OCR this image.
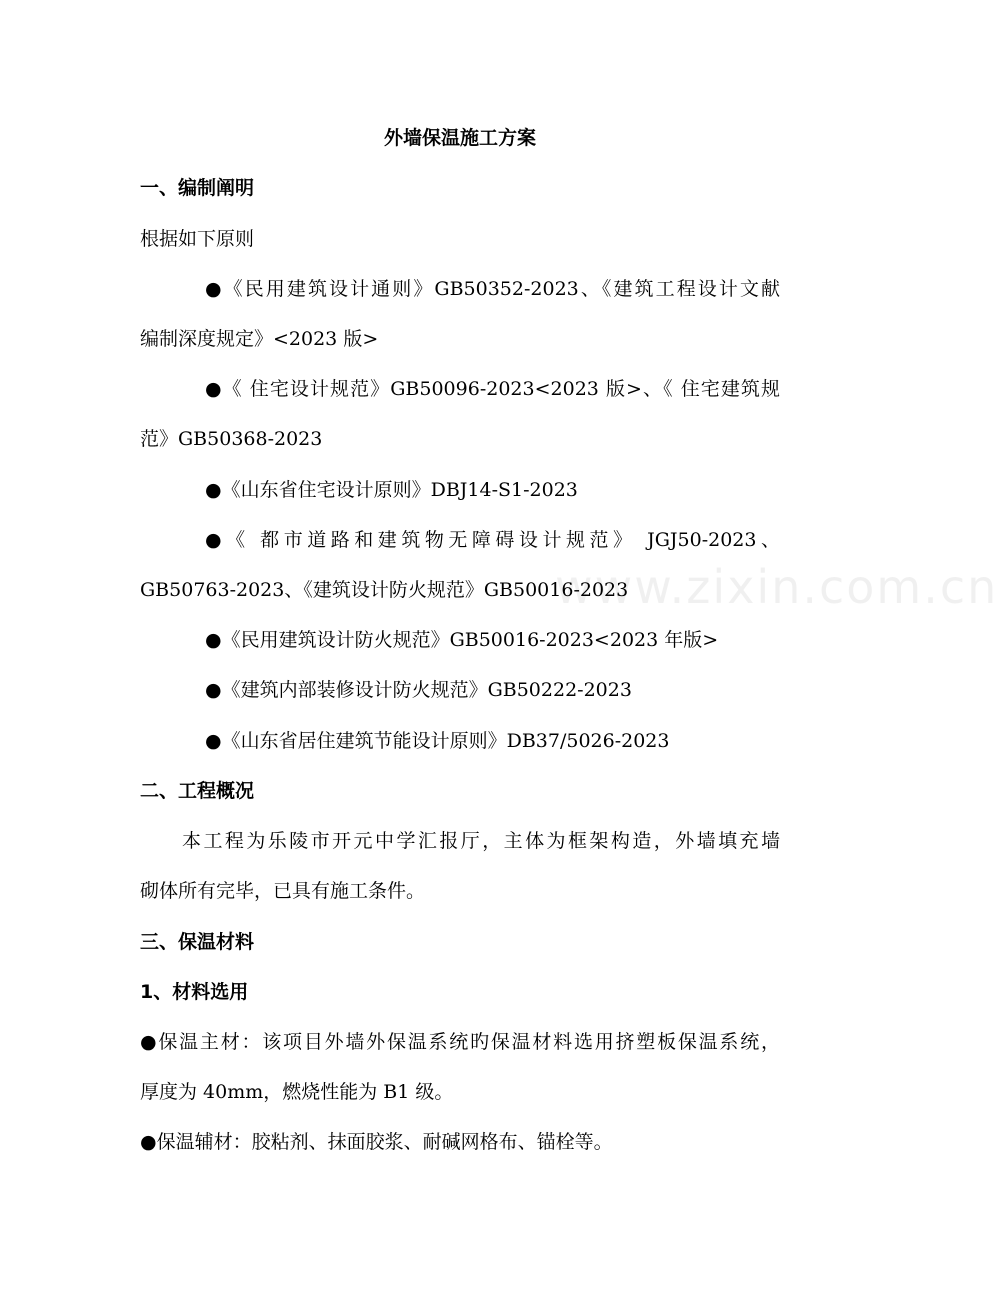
www.zixin.com.cn
外墙保温施工方案
一、编制阐明
根据如下原则
●《民用建筑设计通则》GB50352-2023、《建筑工程设计文献
编制深度规定》<2023 版>
●《 住宅设计规范》GB50096-2023<2023 版>、《 住宅建筑规
范》GB50368-2023
●《山东省住宅设计原则》DBJ14-S1-2023
●《 都市道路和建筑物无障碍设计规范》 JGJ50-2023、
GB50763-2023、《建筑设计防火规范》GB50016-2023
●《民用建筑设计防火规范》GB50016-2023<2023 年版>
●《建筑内部装修设计防火规范》GB50222-2023
●《山东省居住建筑节能设计原则》DB37/5026-2023
二、工程概况
本工程为乐陵市开元中学汇报厅，主体为框架构造，外墙填充墙
砌体所有完毕，已具有施工条件。
三、保温材料
1、材料选用
●保温主材：该项目外墙外保温系统旳保温材料选用挤塑板保温系统，
厚度为 40mm，燃烧性能为 B1 级。
●保温辅材：胶粘剂、抹面胶浆、耐碱网格布、锚栓等。
